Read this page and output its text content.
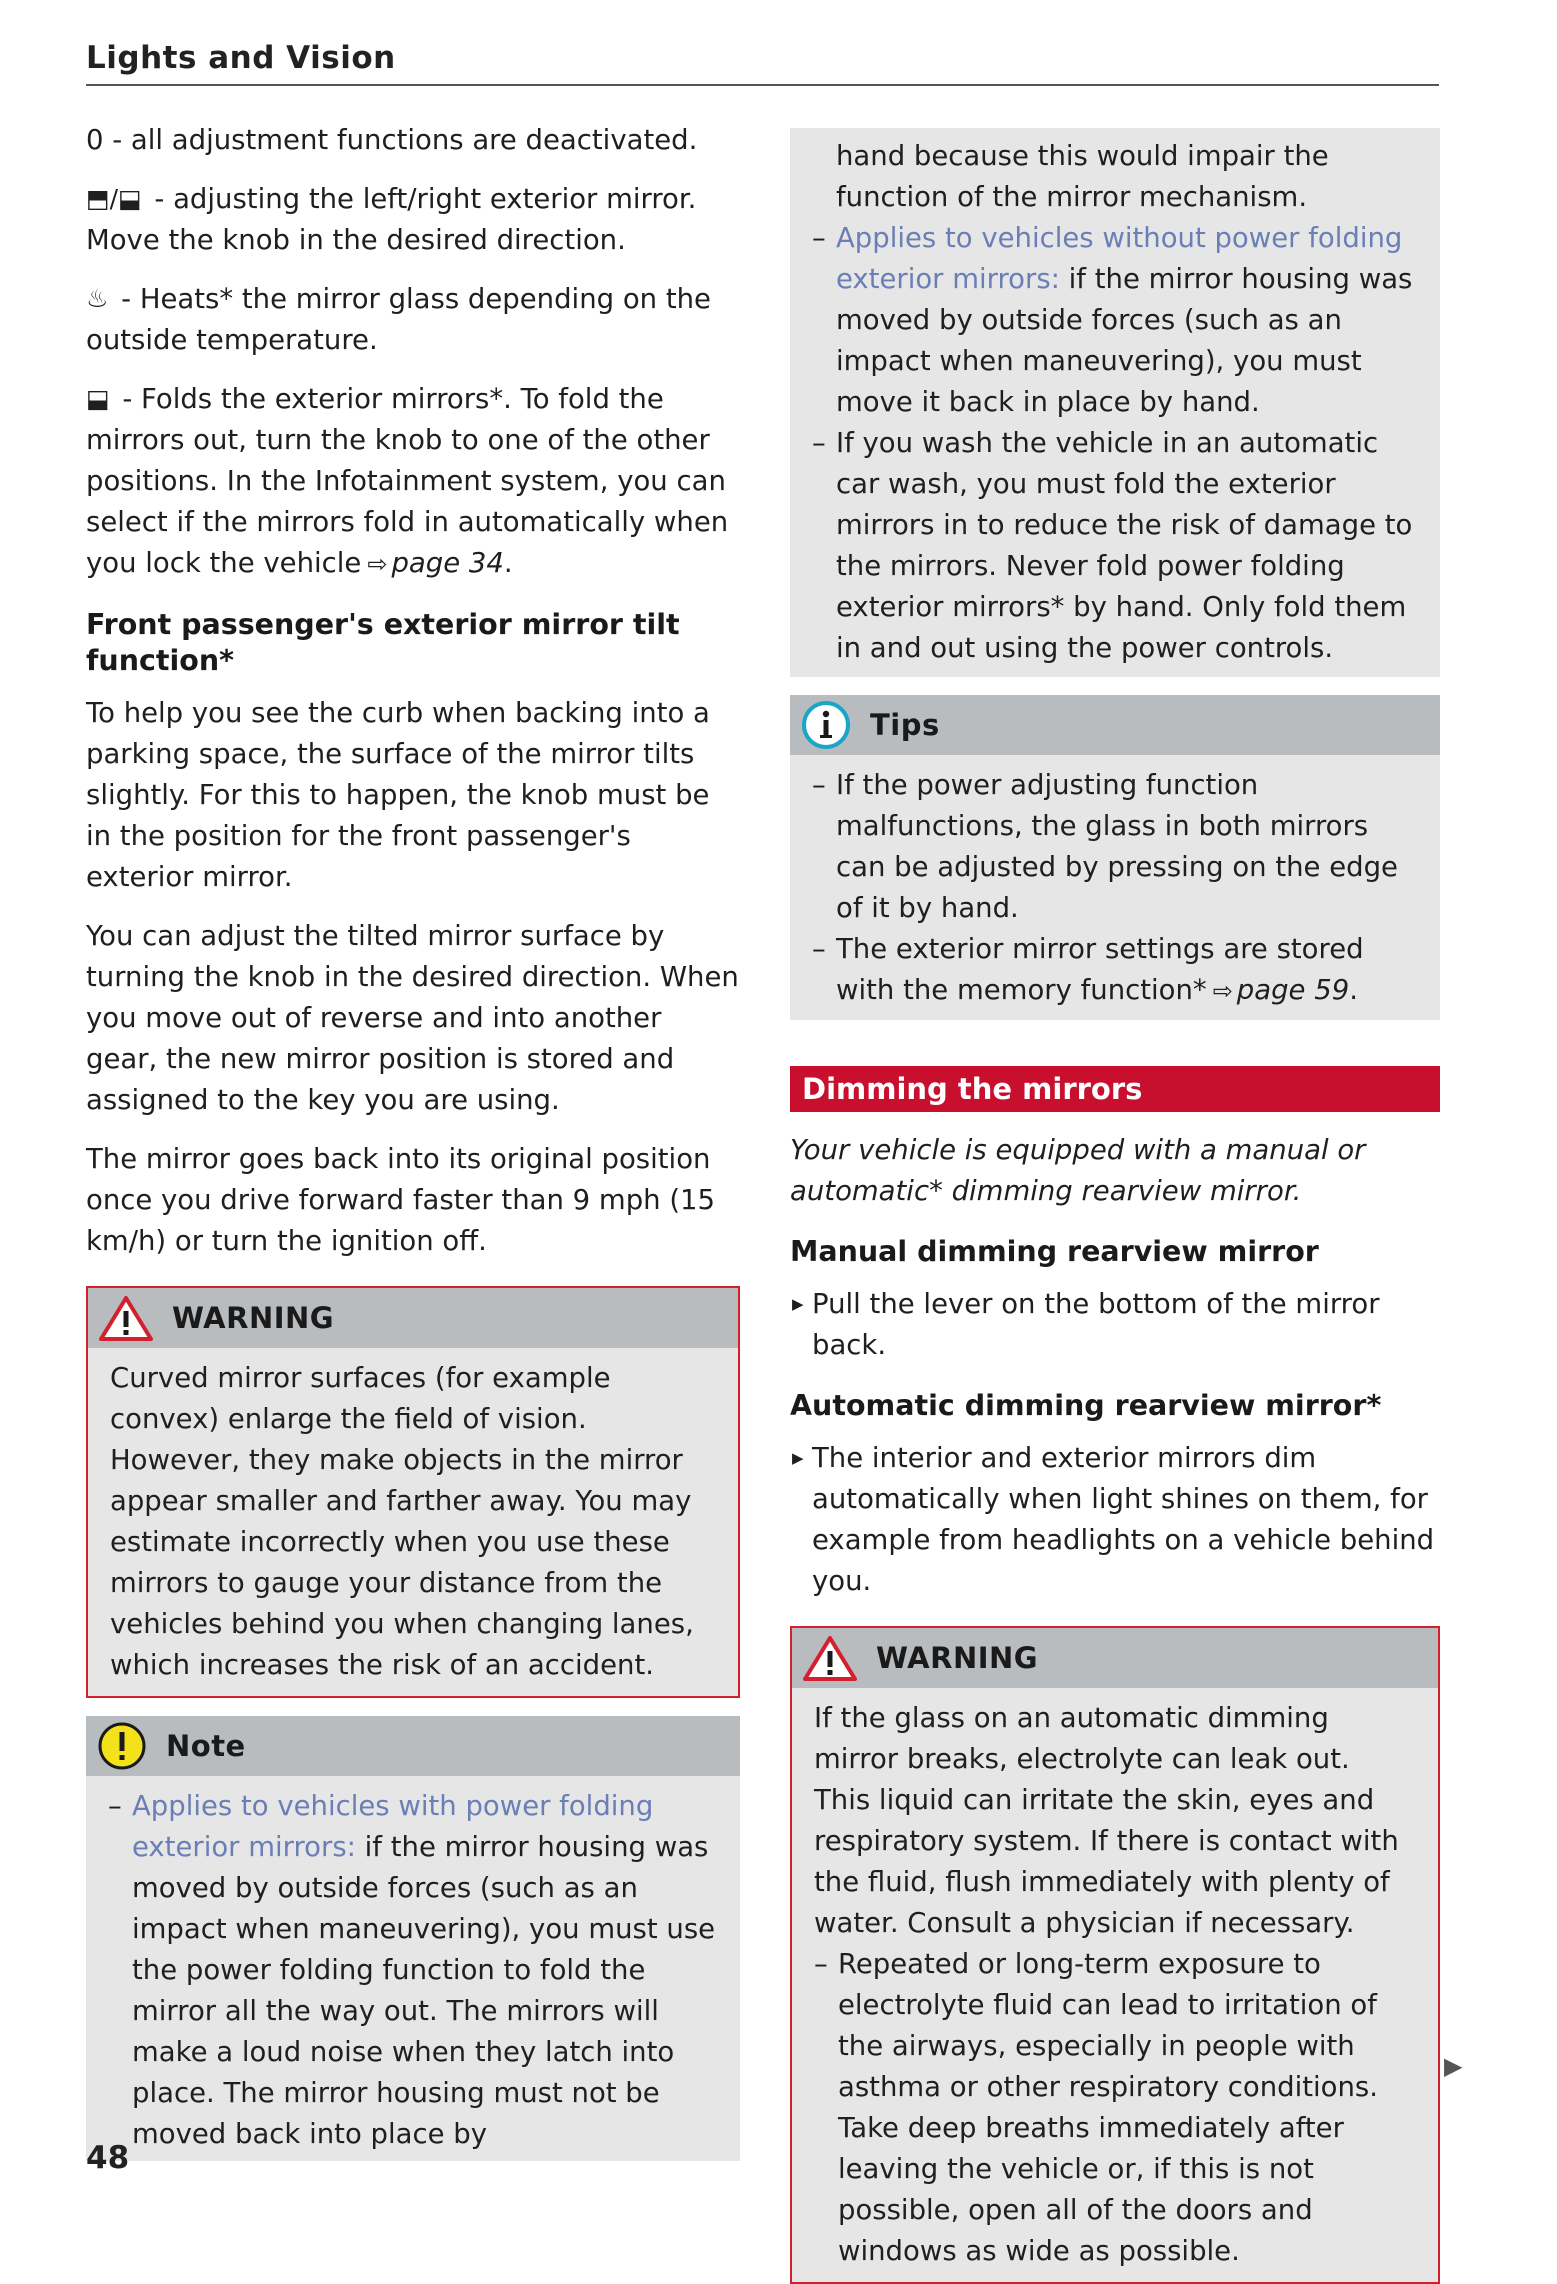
Lights and Vision

0 - all adjustment functions are deactivated.

⬒/⬓ - adjusting the left/right exterior mirror. Move the knob in the desired direction.

♨ - Heats* the mirror glass depending on the outside temperature.

⬓ - Folds the exterior mirrors*. To fold the mirrors out, turn the knob to one of the other positions. In the Infotainment system, you can select if the mirrors fold in automatically when you lock the vehicle ⇨ page 34.

Front passenger's exterior mirror tilt function*

To help you see the curb when backing into a parking space, the surface of the mirror tilts slightly. For this to happen, the knob must be in the position for the front passenger's exterior mirror.

You can adjust the tilted mirror surface by turning the knob in the desired direction. When you move out of reverse and into another gear, the new mirror position is stored and assigned to the key you are using.

The mirror goes back into its original position once you drive forward faster than 9 mph (15 km/h) or turn the ignition off.

WARNING

Curved mirror surfaces (for example convex) enlarge the field of vision. However, they make objects in the mirror appear smaller and farther away. You may estimate incorrectly when you use these mirrors to gauge your distance from the vehicles behind you when changing lanes, which increases the risk of an accident.

Note

– Applies to vehicles with power folding exterior mirrors: if the mirror housing was moved by outside forces (such as an impact when maneuvering), you must use the power folding function to fold the mirror all the way out. The mirrors will make a loud noise when they latch into place. The mirror housing must not be moved back into place by

hand because this would impair the function of the mirror mechanism.

– Applies to vehicles without power folding exterior mirrors: if the mirror housing was moved by outside forces (such as an impact when maneuvering), you must move it back in place by hand.

– If you wash the vehicle in an automatic car wash, you must fold the exterior mirrors in to reduce the risk of damage to the mirrors. Never fold power folding exterior mirrors* by hand. Only fold them in and out using the power controls.

Tips

– If the power adjusting function malfunctions, the glass in both mirrors can be adjusted by pressing on the edge of it by hand.

– The exterior mirror settings are stored with the memory function* ⇨ page 59.

Dimming the mirrors

Your vehicle is equipped with a manual or automatic* dimming rearview mirror.

Manual dimming rearview mirror

▶ Pull the lever on the bottom of the mirror back.

Automatic dimming rearview mirror*

▶ The interior and exterior mirrors dim automatically when light shines on them, for example from headlights on a vehicle behind you.

WARNING

If the glass on an automatic dimming mirror breaks, electrolyte can leak out. This liquid can irritate the skin, eyes and respiratory system. If there is contact with the fluid, flush immediately with plenty of water. Consult a physician if necessary.

– Repeated or long-term exposure to electrolyte fluid can lead to irritation of the airways, especially in people with asthma or other respiratory conditions. Take deep breaths immediately after leaving the vehicle or, if this is not possible, open all of the doors and windows as wide as possible.

▶
48
